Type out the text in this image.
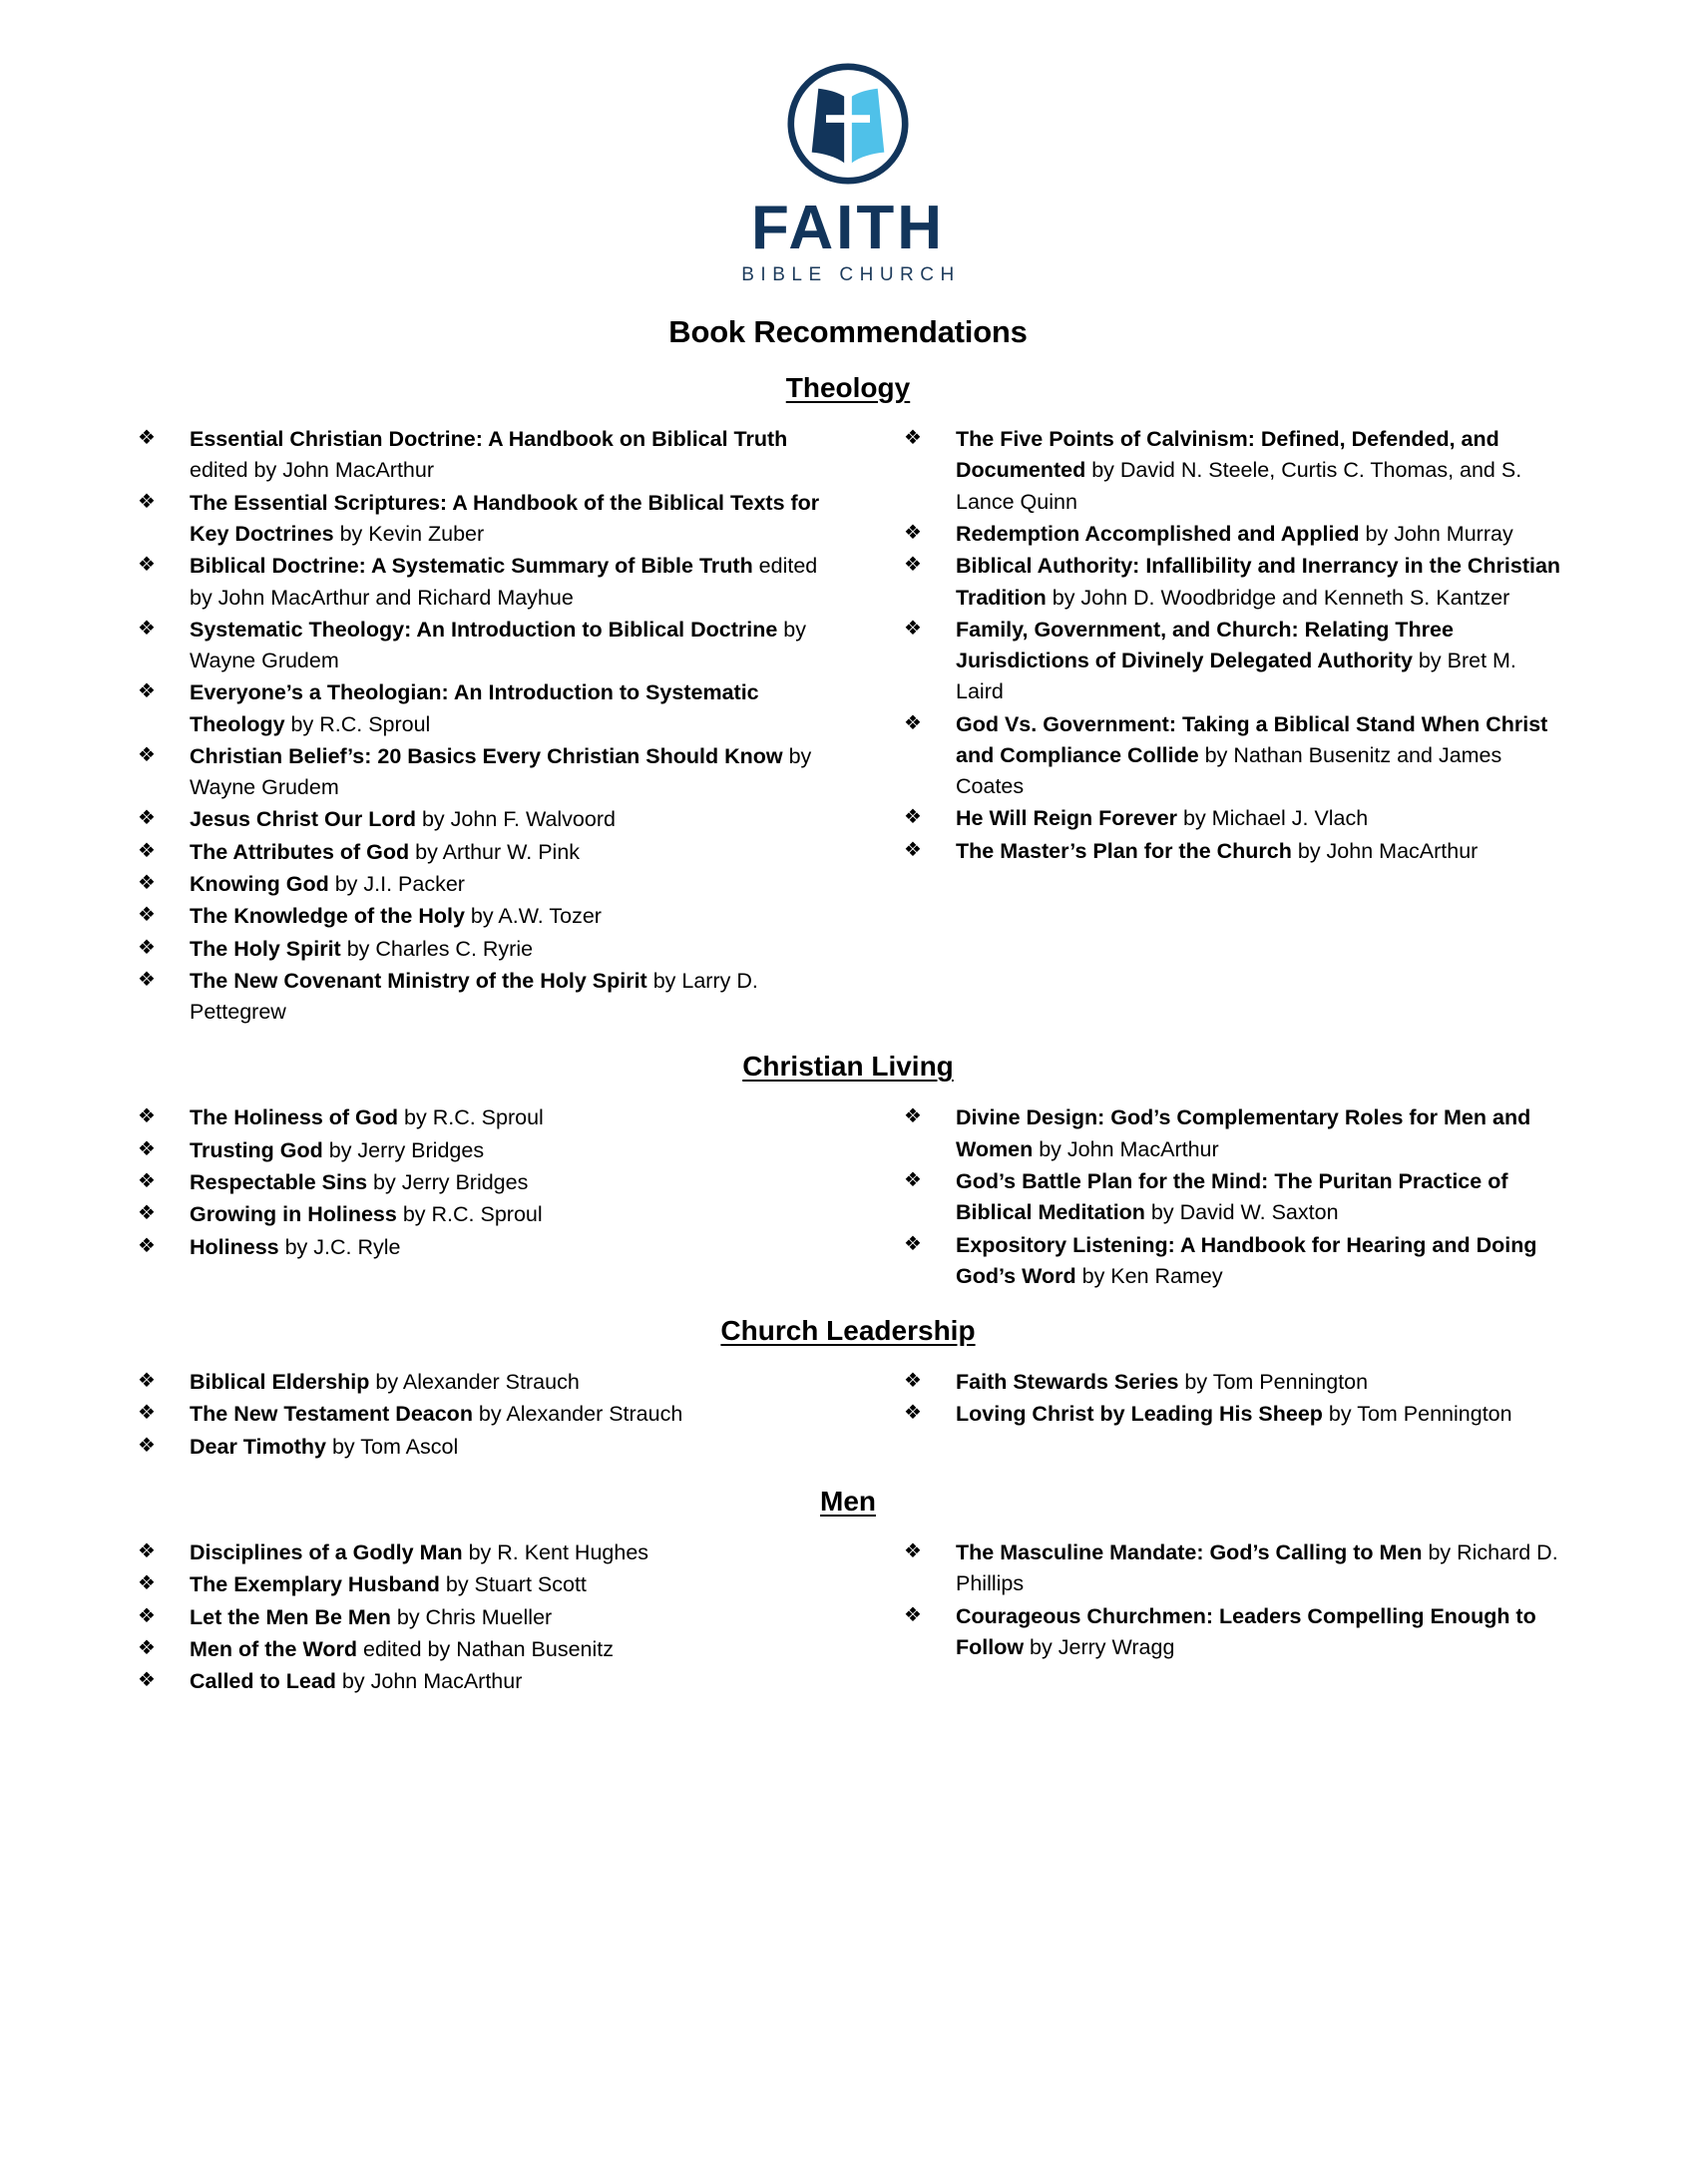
FAITH
BIBLE CHURCH
Book Recommendations
Theology
❖ Essential Christian Doctrine: A Handbook on Biblical Truth edited by John MacArthur
❖ The Essential Scriptures: A Handbook of the Biblical Texts for Key Doctrines by Kevin Zuber
❖ Biblical Doctrine: A Systematic Summary of Bible Truth edited by John MacArthur and Richard Mayhue
❖ Systematic Theology: An Introduction to Biblical Doctrine by Wayne Grudem
❖ Everyone’s a Theologian: An Introduction to Systematic Theology by R.C. Sproul
❖ Christian Belief’s: 20 Basics Every Christian Should Know by Wayne Grudem
❖ Jesus Christ Our Lord by John F. Walvoord
❖ The Attributes of God by Arthur W. Pink
❖ Knowing God by J.I. Packer
❖ The Knowledge of the Holy by A.W. Tozer
❖ The Holy Spirit by Charles C. Ryrie
❖ The New Covenant Ministry of the Holy Spirit by Larry D. Pettegrew
❖ The Five Points of Calvinism: Defined, Defended, and Documented by David N. Steele, Curtis C. Thomas, and S. Lance Quinn
❖ Redemption Accomplished and Applied by John Murray
❖ Biblical Authority: Infallibility and Inerrancy in the Christian Tradition by John D. Woodbridge and Kenneth S. Kantzer
❖ Family, Government, and Church: Relating Three Jurisdictions of Divinely Delegated Authority by Bret M. Laird
❖ God Vs. Government: Taking a Biblical Stand When Christ and Compliance Collide by Nathan Busenitz and James Coates
❖ He Will Reign Forever by Michael J. Vlach
❖ The Master’s Plan for the Church by John MacArthur
Christian Living
❖ The Holiness of God by R.C. Sproul
❖ Trusting God by Jerry Bridges
❖ Respectable Sins by Jerry Bridges
❖ Growing in Holiness by R.C. Sproul
❖ Holiness by J.C. Ryle
❖ Divine Design: God’s Complementary Roles for Men and Women by John MacArthur
❖ God’s Battle Plan for the Mind: The Puritan Practice of Biblical Meditation by David W. Saxton
❖ Expository Listening: A Handbook for Hearing and Doing God’s Word by Ken Ramey
Church Leadership
❖ Biblical Eldership by Alexander Strauch
❖ The New Testament Deacon by Alexander Strauch
❖ Dear Timothy by Tom Ascol
❖ Faith Stewards Series by Tom Pennington
❖ Loving Christ by Leading His Sheep by Tom Pennington
Men
❖ Disciplines of a Godly Man by R. Kent Hughes
❖ The Exemplary Husband by Stuart Scott
❖ Let the Men Be Men by Chris Mueller
❖ Men of the Word edited by Nathan Busenitz
❖ Called to Lead by John MacArthur
❖ The Masculine Mandate: God’s Calling to Men by Richard D. Phillips
❖ Courageous Churchmen: Leaders Compelling Enough to Follow by Jerry Wragg
